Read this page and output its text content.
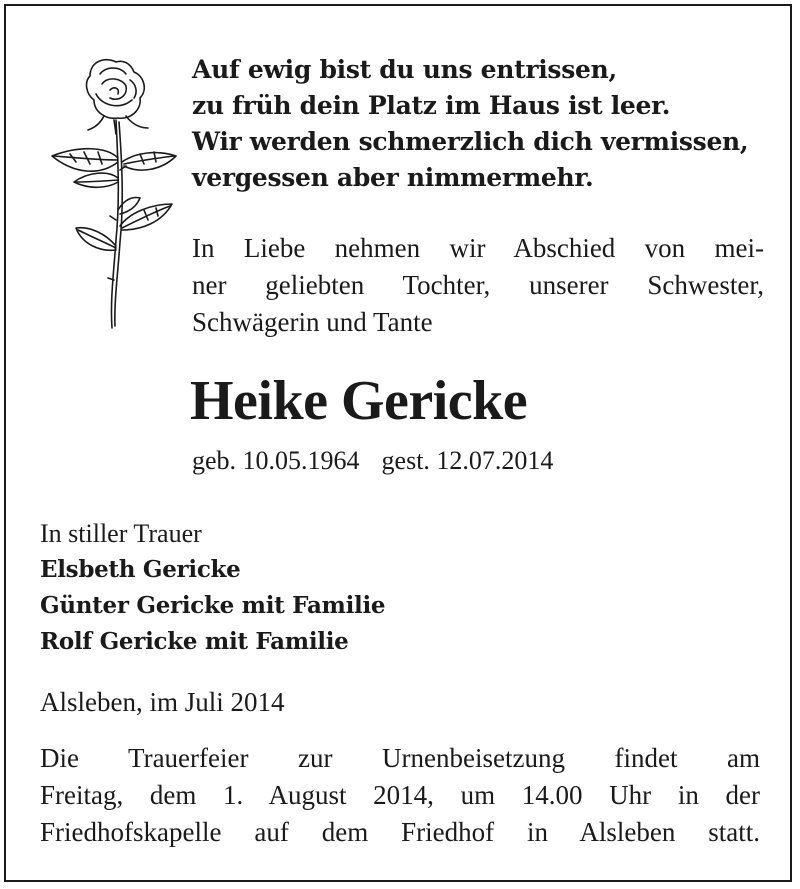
Auf ewig bist du uns entrissen,
zu früh dein Platz im Haus ist leer.
Wir werden schmerzlich dich vermissen,
vergessen aber nimmermehr.
In Liebe nehmen wir Abschied von mei-
ner geliebten Tochter, unserer Schwester,
Schwägerin und Tante
Heike Gericke
geb. 10.05.1964 gest. 12.07.2014
In stiller Trauer
Elsbeth Gericke
Günter Gericke mit Familie
Rolf Gericke mit Familie
Alsleben, im Juli 2014
Die Trauerfeier zur Urnenbeisetzung findet am
Freitag, dem 1. August 2014, um 14.00 Uhr in der
Friedhofskapelle auf dem Friedhof in Alsleben statt.
